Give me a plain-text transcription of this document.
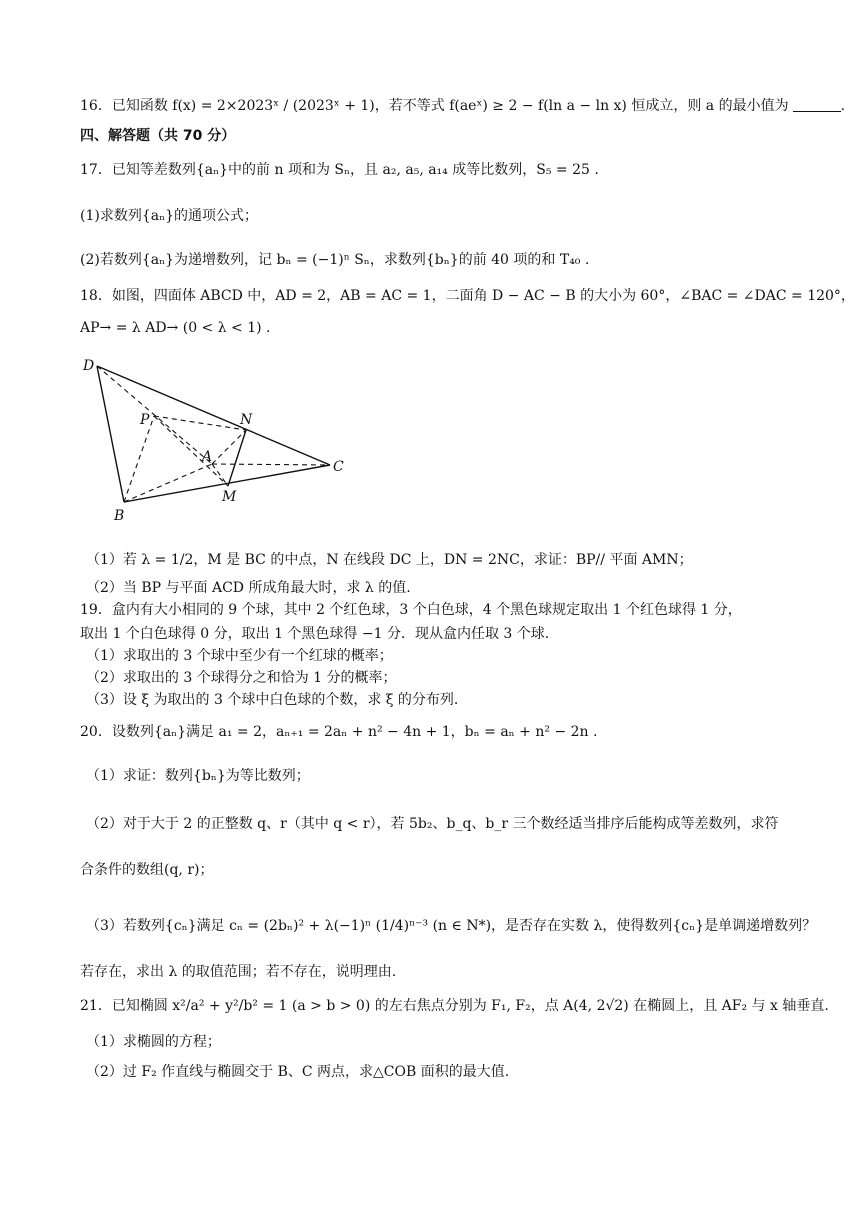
16．已知函数 f(x) = 2×2023ˣ / (2023ˣ + 1)，若不等式 f(aeˣ) ≥ 2 − f(ln a − ln x) 恒成立，则 a 的最小值为	.
四、解答题（共 70 分）
17．已知等差数列{aₙ}中的前 n 项和为 Sₙ，且 a₂, a₅, a₁₄ 成等比数列，S₅ = 25 .
(1)求数列{aₙ}的通项公式；
(2)若数列{aₙ}为递增数列，记 bₙ = (−1)ⁿ Sₙ，求数列{bₙ}的前 40 项的和 T₄₀ .
18．如图，四面体 ABCD 中，AD = 2，AB = AC = 1，二面角 D − AC − B 的大小为 60°，∠BAC = ∠DAC = 120°，
AP→ = λ AD→ (0 < λ < 1) .
D
P	N
A
C
M
B
（1）若 λ = 1/2，M 是 BC 的中点，N 在线段 DC 上，DN = 2NC，求证：BP// 平面 AMN；
（2）当 BP 与平面 ACD 所成角最大时，求 λ 的值.
19．盒内有大小相同的 9 个球，其中 2 个红色球，3 个白色球，4 个黑色球规定取出 1 个红色球得 1 分，
取出 1 个白色球得 0 分，取出 1 个黑色球得 −1 分．现从盒内任取 3 个球.
（1）求取出的 3 个球中至少有一个红球的概率；
（2）求取出的 3 个球得分之和恰为 1 分的概率；
（3）设 ξ 为取出的 3 个球中白色球的个数，求 ξ 的分布列.
20．设数列{aₙ}满足 a₁ = 2，aₙ₊₁ = 2aₙ + n² − 4n + 1，bₙ = aₙ + n² − 2n .
（1）求证：数列{bₙ}为等比数列；
（2）对于大于 2 的正整数 q、r（其中 q < r），若 5b₂、b_q、b_r 三个数经适当排序后能构成等差数列，求符
合条件的数组(q, r)；
（3）若数列{cₙ}满足 cₙ = (2bₙ)² + λ(−1)ⁿ (1/4)ⁿ⁻³ (n ∈ N*)，是否存在实数 λ，使得数列{cₙ}是单调递增数列？
若存在，求出 λ 的取值范围；若不存在，说明理由.
21．已知椭圆 x²/a² + y²/b² = 1 (a > b > 0) 的左右焦点分别为 F₁, F₂，点 A(4, 2√2) 在椭圆上，且 AF₂ 与 x 轴垂直.
（1）求椭圆的方程；
（2）过 F₂ 作直线与椭圆交于 B、C 两点，求△COB 面积的最大值.
